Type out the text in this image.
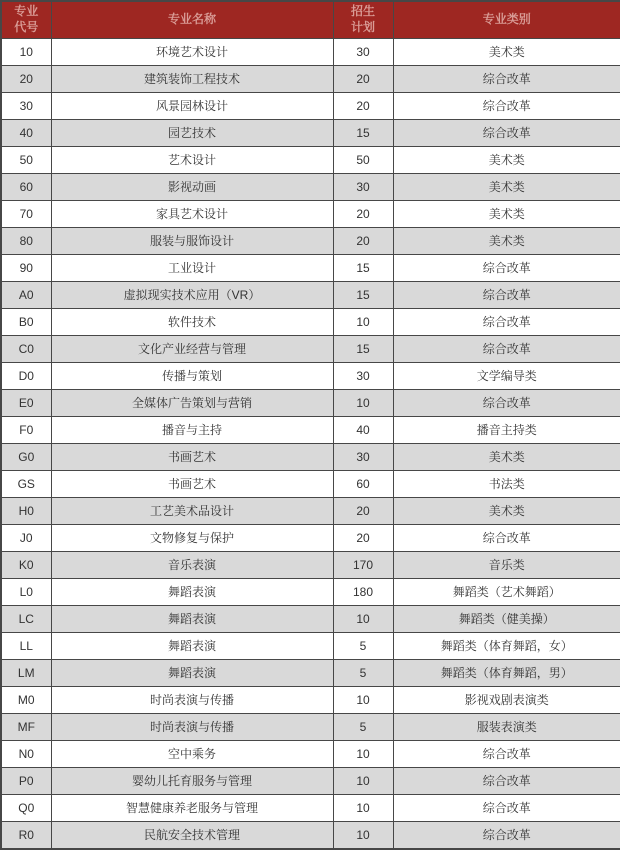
专业代号	专业名称	招生计划	专业类别
10	环境艺术设计	30	美术类
20	建筑装饰工程技术	20	综合改革
30	风景园林设计	20	综合改革
40	园艺技术	15	综合改革
50	艺术设计	50	美术类
60	影视动画	30	美术类
70	家具艺术设计	20	美术类
80	服装与服饰设计	20	美术类
90	工业设计	15	综合改革
A0	虚拟现实技术应用（VR）	15	综合改革
B0	软件技术	10	综合改革
C0	文化产业经营与管理	15	综合改革
D0	传播与策划	30	文学编导类
E0	全媒体广告策划与营销	10	综合改革
F0	播音与主持	40	播音主持类
G0	书画艺术	30	美术类
GS	书画艺术	60	书法类
H0	工艺美术品设计	20	美术类
J0	文物修复与保护	20	综合改革
K0	音乐表演	170	音乐类
L0	舞蹈表演	180	舞蹈类（艺术舞蹈）
LC	舞蹈表演	10	舞蹈类（健美操）
LL	舞蹈表演	5	舞蹈类（体育舞蹈，女）
LM	舞蹈表演	5	舞蹈类（体育舞蹈，男）
M0	时尚表演与传播	10	影视戏剧表演类
MF	时尚表演与传播	5	服装表演类
N0	空中乘务	10	综合改革
P0	婴幼儿托育服务与管理	10	综合改革
Q0	智慧健康养老服务与管理	10	综合改革
R0	民航安全技术管理	10	综合改革
